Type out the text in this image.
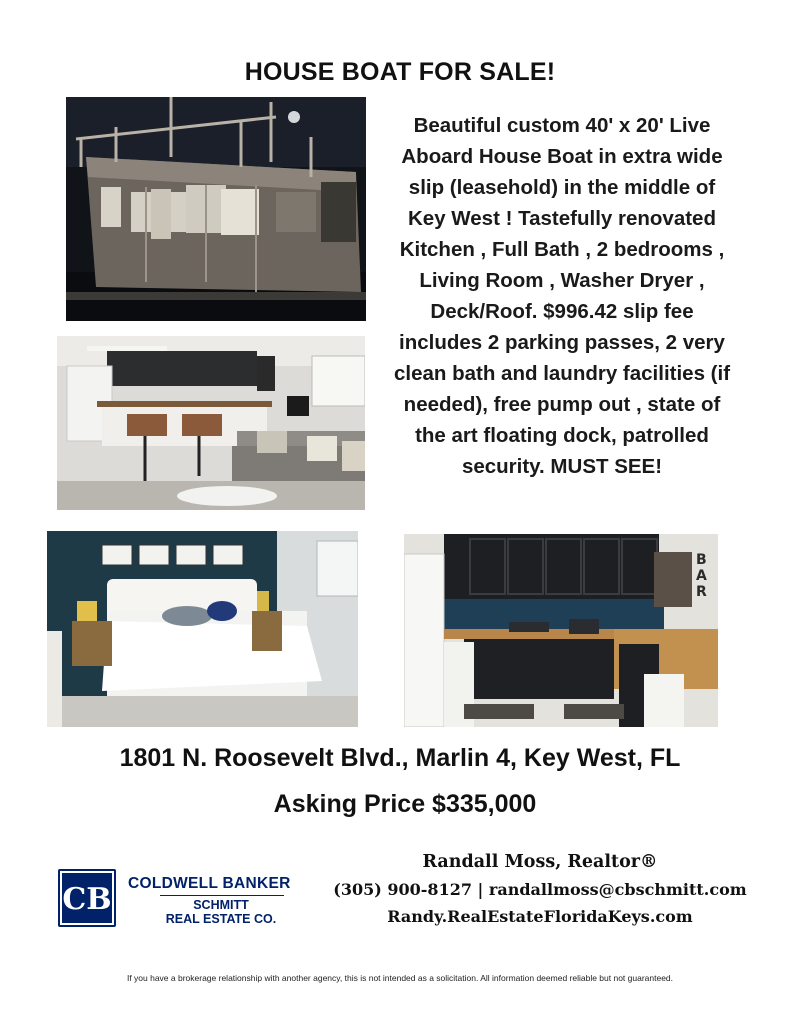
HOUSE BOAT FOR SALE!
B
A
R
Beautiful custom 40' x 20' Live Aboard House Boat in extra wide slip (leasehold) in the middle of Key West ! Tastefully renovated Kitchen , Full Bath , 2 bedrooms , Living Room , Washer Dryer , Deck/Roof. $996.42 slip fee includes 2 parking passes, 2 very clean bath and laundry facilities (if needed), free pump out , state of the art floating dock, patrolled security. MUST SEE!
1801 N. Roosevelt Blvd., Marlin 4, Key West, FL
Asking Price $335,000
CB COLDWELL BANKER
SCHMITT
REAL ESTATE CO.
Randall Moss, Realtor®
(305) 900-8127 | randallmoss@cbschmitt.com
Randy.RealEstateFloridaKeys.com
If you have a brokerage relationship with another agency, this is not intended as a solicitation. All information deemed reliable but not guaranteed.
